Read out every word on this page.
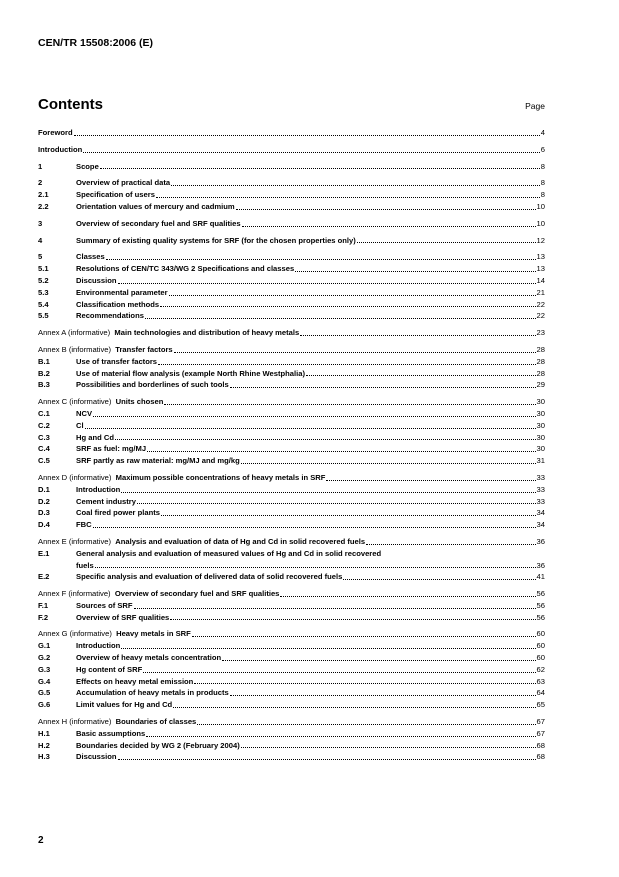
CEN/TR 15508:2006 (E)
Contents	Page
Foreword	4
Introduction	6
1	Scope	8
2	Overview of practical data	8
2.1	Specification of users	8
2.2	Orientation values of mercury and cadmium	10
3	Overview of secondary fuel and SRF qualities	10
4	Summary of existing quality systems for SRF (for the chosen properties only)	12
5	Classes	13
5.1	Resolutions of CEN/TC 343/WG 2 Specifications and classes	13
5.2	Discussion	14
5.3	Environmental parameter	21
5.4	Classification methods	22
5.5	Recommendations	22
Annex A (informative) Main technologies and distribution of heavy metals	23
Annex B (informative) Transfer factors	28
B.1	Use of transfer factors	28
B.2	Use of material flow analysis (example North Rhine Westphalia)	28
B.3	Possibilities and borderlines of such tools	29
Annex C (informative) Units chosen	30
C.1	NCV	30
C.2	Cl	30
C.3	Hg and Cd	30
C.4	SRF as fuel: mg/MJ	30
C.5	SRF partly as raw material: mg/MJ and mg/kg	31
Annex D (informative) Maximum possible concentrations of heavy metals in SRF	33
D.1	Introduction	33
D.2	Cement industry	33
D.3	Coal fired power plants	34
D.4	FBC	34
Annex E (informative) Analysis and evaluation of data of Hg and Cd in solid recovered fuels	36
E.1	General analysis and evaluation of measured values of Hg and Cd in solid recovered
fuels	36
E.2	Specific analysis and evaluation of delivered data of solid recovered fuels	41
Annex F (informative) Overview of secondary fuel and SRF qualities	56
F.1	Sources of SRF	56
F.2	Overview of SRF qualities	56
Annex G (informative) Heavy metals in SRF	60
G.1	Introduction	60
G.2	Overview of heavy metals concentration	60
G.3	Hg content of SRF	62
G.4	Effects on heavy metal emission	63
G.5	Accumulation of heavy metals in products	64
G.6	Limit values for Hg and Cd	65
Annex H (informative) Boundaries of classes	67
H.1	Basic assumptions	67
H.2	Boundaries decided by WG 2 (February 2004)	68
H.3	Discussion	68
2
